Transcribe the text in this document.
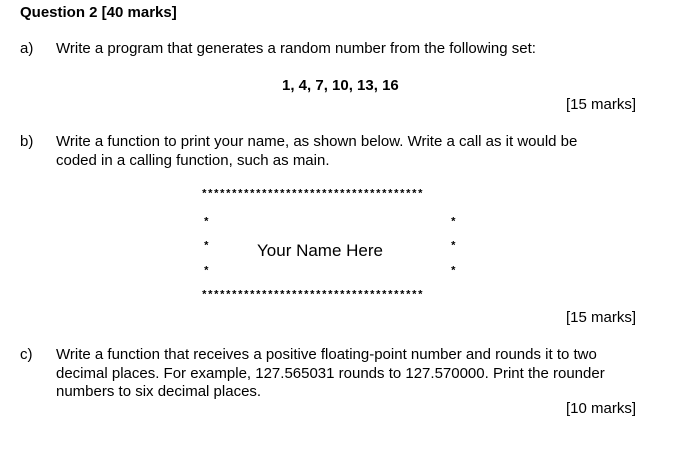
Question 2 [40 marks]
a) Write a program that generates a random number from the following set:
1, 4, 7, 10, 13, 16
[15 marks]
b) Write a function to print your name, as shown below. Write a call as it would be
coded in a calling function, such as main.
*************************************
*	*
*	Your Name Here	*
*	*
*************************************
[15 marks]
c) Write a function that receives a positive floating-point number and rounds it to two
decimal places. For example, 127.565031 rounds to 127.570000. Print the rounder
numbers to six decimal places.
[10 marks]
